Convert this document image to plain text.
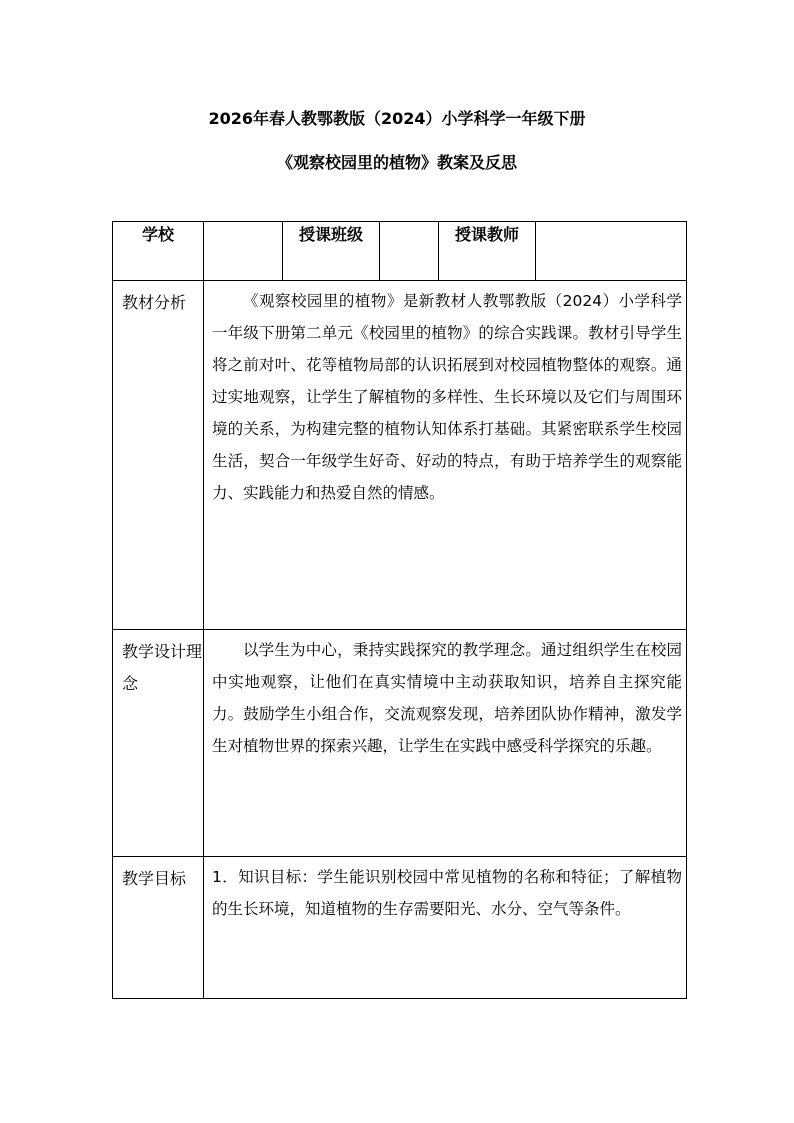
2026年春人教鄂教版（2024）小学科学一年级下册
《观察校园里的植物》教案及反思
学校		授课班级		授课教师	
教材分析	《观察校园里的植物》是新教材人教鄂教版（2024）小学科学一年级下册第二单元《校园里的植物》的综合实践课。教材引导学生将之前对叶、花等植物局部的认识拓展到对校园植物整体的观察。通过实地观察，让学生了解植物的多样性、生长环境以及它们与周围环境的关系，为构建完整的植物认知体系打基础。其紧密联系学生校园生活，契合一年级学生好奇、好动的特点，有助于培养学生的观察能力、实践能力和热爱自然的情感。				

教学设计理念	以学生为中心，秉持实践探究的教学理念。通过组织学生在校园中实地观察，让他们在真实情境中主动获取知识，培养自主探究能力。鼓励学生小组合作，交流观察发现，培养团队协作精神，激发学生对植物世界的探索兴趣，让学生在实践中感受科学探究的乐趣。				

教学目标	1．知识目标：学生能识别校园中常见植物的名称和特征；了解植物的生长环境，知道植物的生存需要阳光、水分、空气等条件。				
